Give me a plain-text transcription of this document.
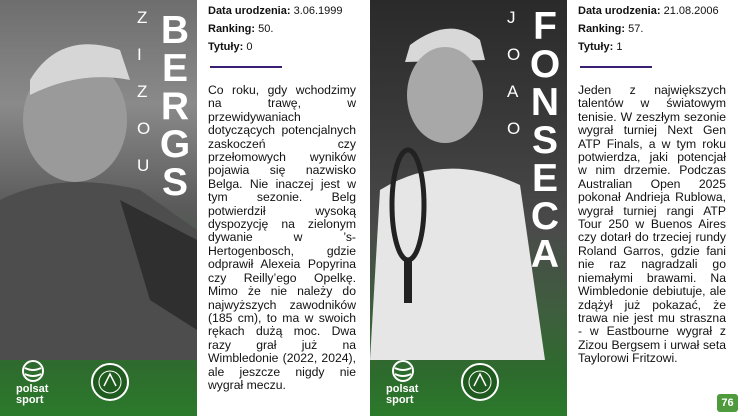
Z
I
Z
O
U
B
E
R
G
S
polsat
sport
Data urodzenia: 3.06.1999
Ranking: 50.
Tytuły: 0

Co roku, gdy wchodzimy na trawę, w przewidywaniach dotyczących potencjalnych zaskoczeń czy przełomowych wyników pojawia się nazwisko Belga. Nie inaczej jest w tym sezonie. Belg potwierdził wysoką dyspozycję na zielonym dywanie w ’s-Hertogenbosch, gdzie odprawił Alexeia Popyrina czy Reilly’ego Opelkę. Mimo że nie należy do najwyższych zawodników (185 cm), to ma w swoich rękach dużą moc. Dwa razy grał już na Wimbledonie (2022, 2024), ale jeszcze nigdy nie wygrał meczu.

J
O
A
O
F
O
N
S
E
C
A
polsat
sport
Data urodzenia: 21.08.2006
Ranking: 57.
Tytuły: 1

Jeden z największych talentów w światowym tenisie. W zeszłym sezonie wygrał turniej Next Gen ATP Finals, a w tym roku potwierdza, jaki potencjał w nim drzemie. Podczas Australian Open 2025 pokonał Andrieja Rublowa, wygrał turniej rangi ATP Tour 250 w Buenos Aires czy dotarł do trzeciej rundy Roland Garros, gdzie fani nie raz nagradzali go niemałymi brawami. Na Wimbledonie debiutuje, ale zdążył już pokazać, że trawa nie jest mu straszna - w Eastbourne wygrał z Zizou Bergsem i urwał seta Taylorowi Fritzowi.

76
